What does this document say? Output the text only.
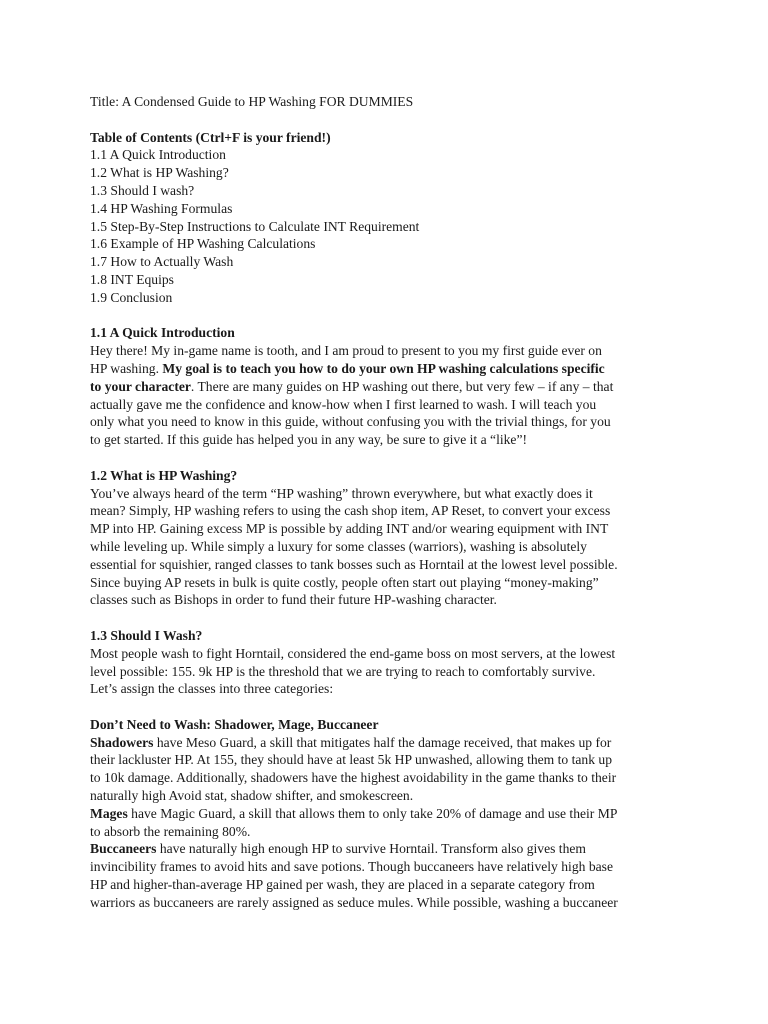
Title: A Condensed Guide to HP Washing FOR DUMMIES
Table of Contents (Ctrl+F is your friend!)
1.1 A Quick Introduction
1.2 What is HP Washing?
1.3 Should I wash?
1.4 HP Washing Formulas
1.5 Step-By-Step Instructions to Calculate INT Requirement
1.6 Example of HP Washing Calculations
1.7 How to Actually Wash
1.8 INT Equips
1.9 Conclusion
1.1 A Quick Introduction
Hey there! My in-game name is tooth, and I am proud to present to you my first guide ever on
HP washing. My goal is to teach you how to do your own HP washing calculations specific
to your character. There are many guides on HP washing out there, but very few – if any – that
actually gave me the confidence and know-how when I first learned to wash. I will teach you
only what you need to know in this guide, without confusing you with the trivial things, for you
to get started. If this guide has helped you in any way, be sure to give it a “like”!
1.2 What is HP Washing?
You’ve always heard of the term “HP washing” thrown everywhere, but what exactly does it
mean? Simply, HP washing refers to using the cash shop item, AP Reset, to convert your excess
MP into HP. Gaining excess MP is possible by adding INT and/or wearing equipment with INT
while leveling up. While simply a luxury for some classes (warriors), washing is absolutely
essential for squishier, ranged classes to tank bosses such as Horntail at the lowest level possible.
Since buying AP resets in bulk is quite costly, people often start out playing “money-making”
classes such as Bishops in order to fund their future HP-washing character.
1.3 Should I Wash?
Most people wash to fight Horntail, considered the end-game boss on most servers, at the lowest
level possible: 155. 9k HP is the threshold that we are trying to reach to comfortably survive.
Let’s assign the classes into three categories:
Don’t Need to Wash: Shadower, Mage, Buccaneer
Shadowers have Meso Guard, a skill that mitigates half the damage received, that makes up for
their lackluster HP. At 155, they should have at least 5k HP unwashed, allowing them to tank up
to 10k damage. Additionally, shadowers have the highest avoidability in the game thanks to their
naturally high Avoid stat, shadow shifter, and smokescreen.
Mages have Magic Guard, a skill that allows them to only take 20% of damage and use their MP
to absorb the remaining 80%.
Buccaneers have naturally high enough HP to survive Horntail. Transform also gives them
invincibility frames to avoid hits and save potions. Though buccaneers have relatively high base
HP and higher-than-average HP gained per wash, they are placed in a separate category from
warriors as buccaneers are rarely assigned as seduce mules. While possible, washing a buccaneer
